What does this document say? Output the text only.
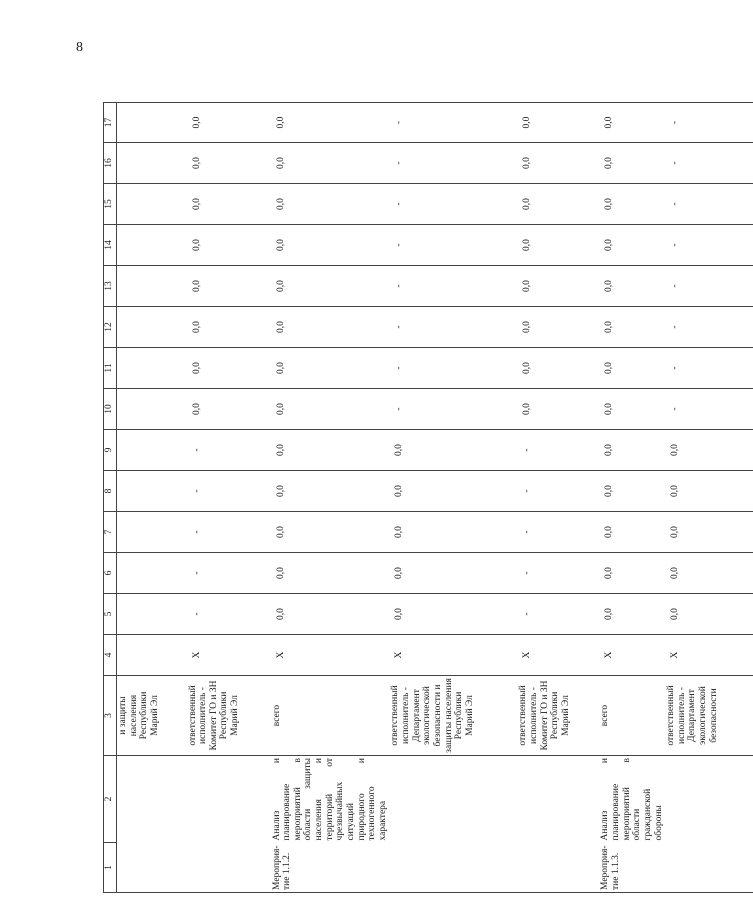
8
1	2	3	4	5	6	7	8	9	10	11	12	13	14	15	16	17
		и защиты населения Республики Марий Эл														
		ответственный исполнитель - Комитет ГО и ЗН Республики Марий Эл	X	-	-	-	-	-	0,0	0,0	0,0	0,0	0,0	0,0	0,0	0,0
Мероприя-тие 1.1.2.	Анализ и планирование мероприятий в области защиты населения и территорий от чрезвычайных ситуаций природного и техногенного характера	всего	X	0,0	0,0	0,0	0,0	0,0	0,0	0,0	0,0	0,0	0,0	0,0	0,0	0,0
		ответственный исполнитель - Департамент экологической безопасности и защиты населения Республики Марий Эл	X	0,0	0,0	0,0	0,0	0,0	-	-	-	-	-	-	-	-
		ответственный исполнитель - Комитет ГО и ЗН Республики Марий Эл	X	-	-	-	-	-	0,0	0,0	0,0	0,0	0,0	0,0	0,0	0,0
Мероприя-тие 1.1.3.	Анализ и планирование мероприятий в области гражданской обороны	всего	X	0,0	0,0	0,0	0,0	0,0	0,0	0,0	0,0	0,0	0,0	0,0	0,0	0,0
		ответственный исполнитель - Департамент экологической безопасности	X	0,0	0,0	0,0	0,0	0,0	-	-	-	-	-	-	-	-
